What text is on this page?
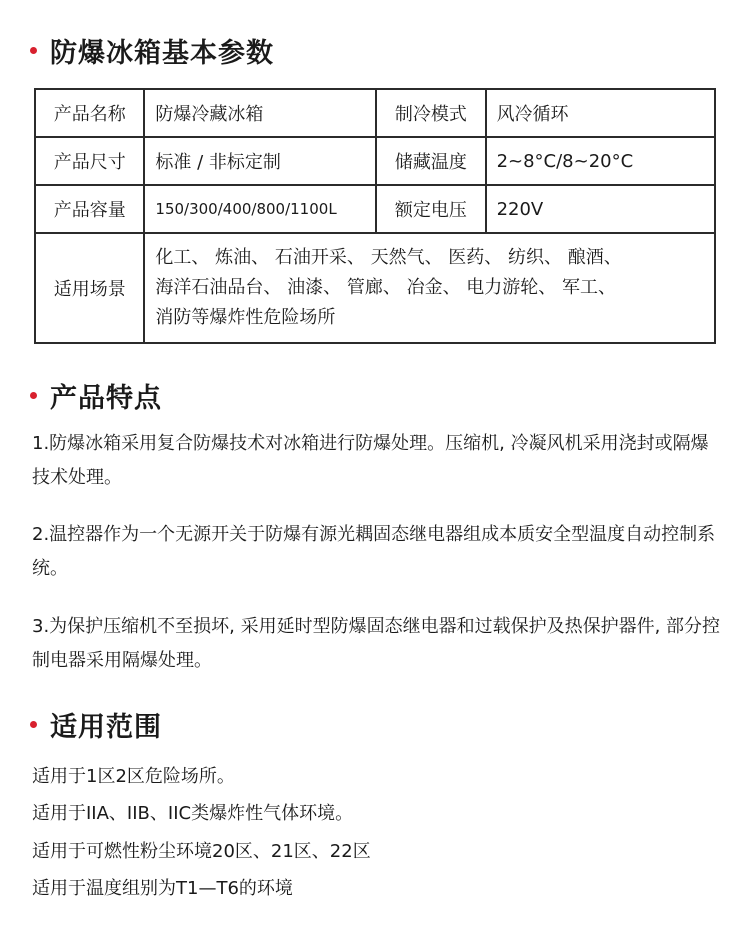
防爆冰箱基本参数
产品名称	防爆冷藏冰箱	制冷模式	风冷循环
产品尺寸	标准 / 非标定制	储藏温度	2~8°C/8~20°C
产品容量	150/300/400/800/1100L	额定电压	220V
适用场景	化工、 炼油、 石油开采、 天然气、 医药、 纺织、 酿酒、
海洋石油品台、 油漆、 管廊、 冶金、 电力游轮、 军工、
消防等爆炸性危险场所		
产品特点
1.防爆冰箱采用复合防爆技术对冰箱进行防爆处理。压缩机, 冷凝风机采用浇封或隔爆技术处理。
2.温控器作为一个无源开关于防爆有源光耦固态继电器组成本质安全型温度自动控制系统。
3.为保护压缩机不至损坏, 采用延时型防爆固态继电器和过载保护及热保护器件, 部分控制电器采用隔爆处理。
适用范围
适用于1区2区危险场所。
适用于IIA、IIB、IIC类爆炸性气体环境。
适用于可燃性粉尘环境20区、21区、22区
适用于温度组别为T1—T6的环境
